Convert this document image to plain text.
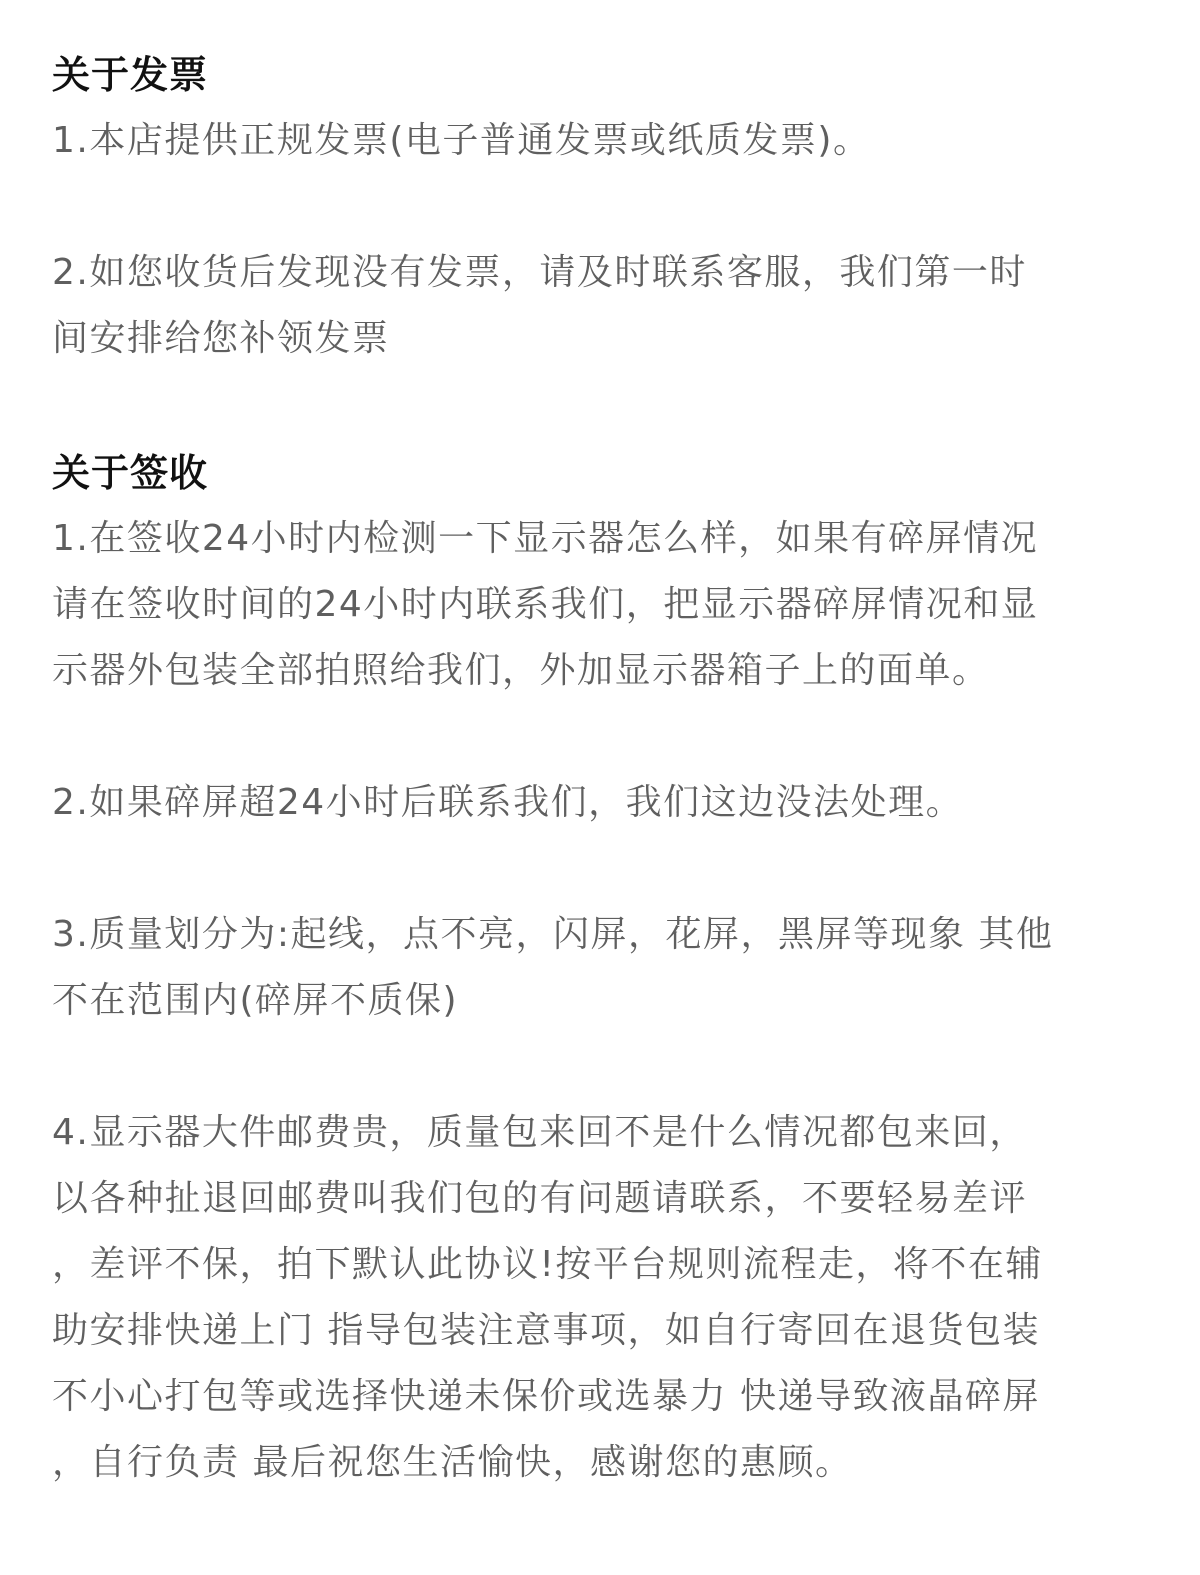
关于发票

1.本店提供正规发票(电子普通发票或纸质发票)。

2.如您收货后发现没有发票，请及时联系客服，我们第一时
间安排给您补领发票

关于签收

1.在签收24小时内检测一下显示器怎么样，如果有碎屏情况
请在签收时间的24小时内联系我们，把显示器碎屏情况和显
示器外包装全部拍照给我们，外加显示器箱子上的面单。

2.如果碎屏超24小时后联系我们，我们这边没法处理。

3.质量划分为:起线，点不亮，闪屏，花屏，黑屏等现象 其他
不在范围内(碎屏不质保)

4.显示器大件邮费贵，质量包来回不是什么情况都包来回，
以各种扯退回邮费叫我们包的有问题请联系，不要轻易差评
，差评不保，拍下默认此协议!按平台规则流程走，将不在辅
助安排快递上门 指导包装注意事项，如自行寄回在退货包装
不小心打包等或选择快递未保价或选暴力 快递导致液晶碎屏
，自行负责 最后祝您生活愉快，感谢您的惠顾。
